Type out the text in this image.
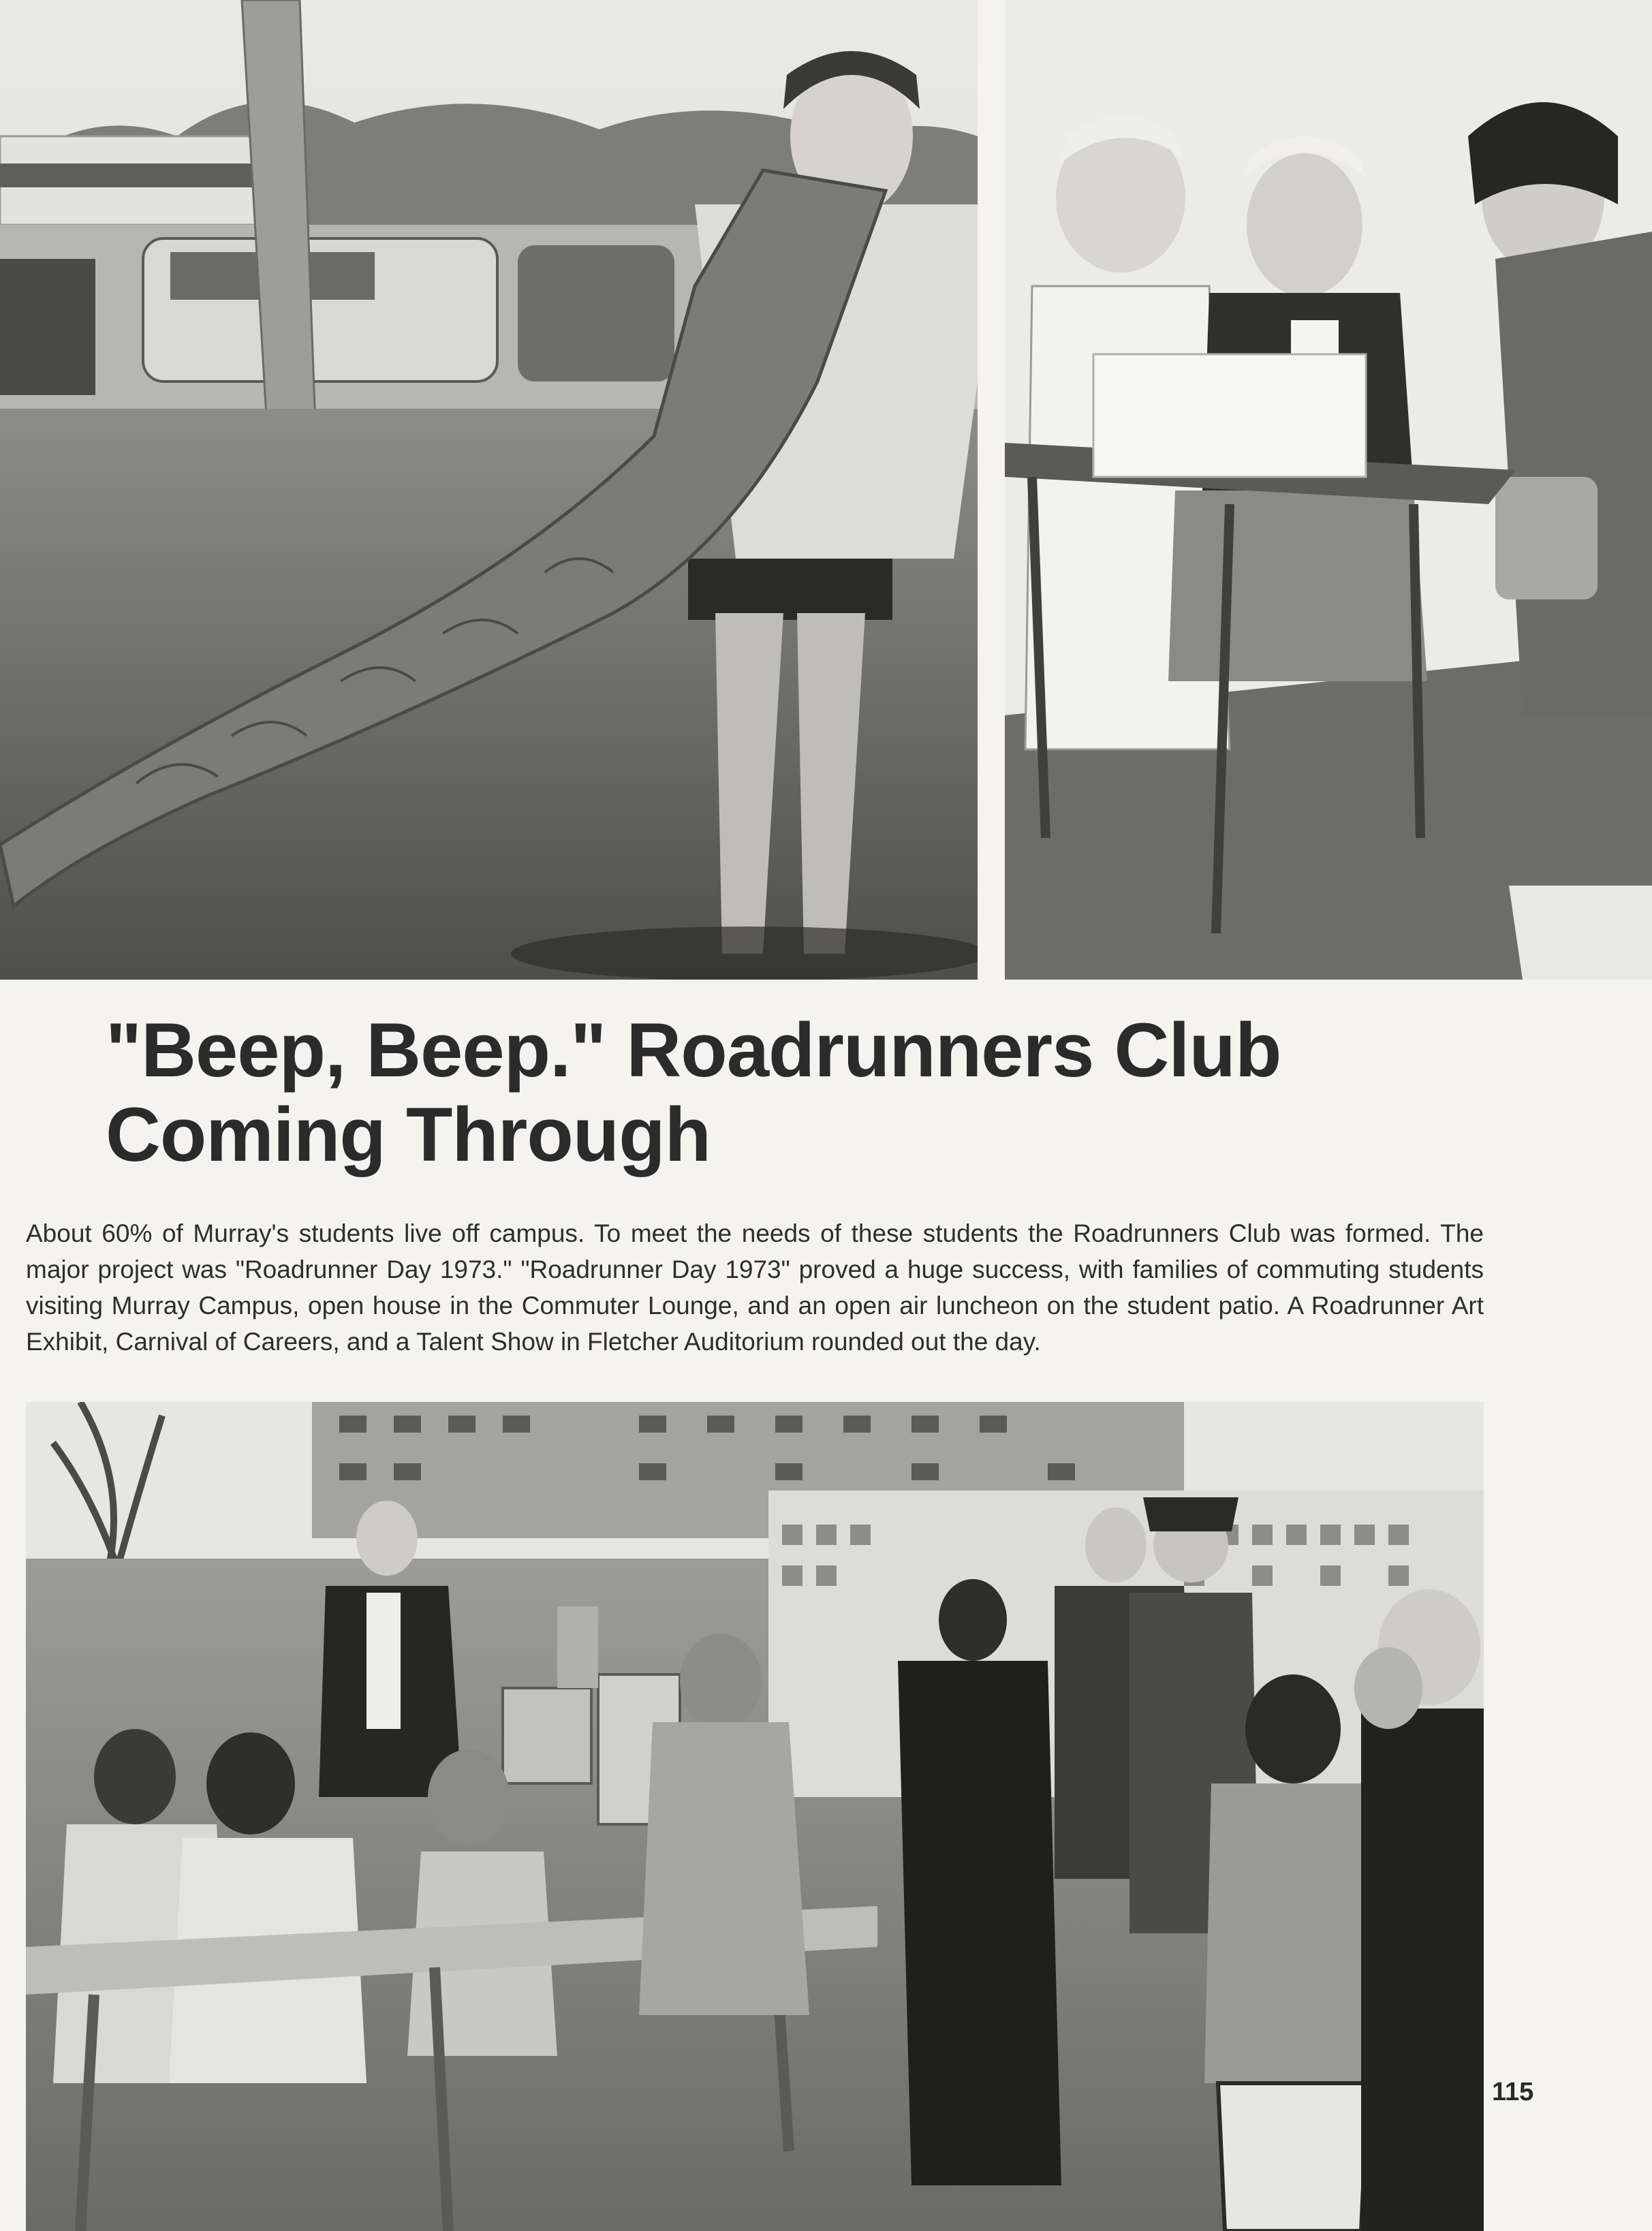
"Beep, Beep." Roadrunners Club
Coming Through

About 60% of Murray's students live off campus. To meet the needs of these students the Roadrunners Club was formed. The major project was "Roadrunner Day 1973." "Roadrunner Day 1973" proved a huge success, with families of commuting students visiting Murray Campus, open house in the Commuter Lounge, and an open air luncheon on the student patio. A Roadrunner Art Exhibit, Carnival of Careers, and a Talent Show in Fletcher Auditorium rounded out the day.

115
